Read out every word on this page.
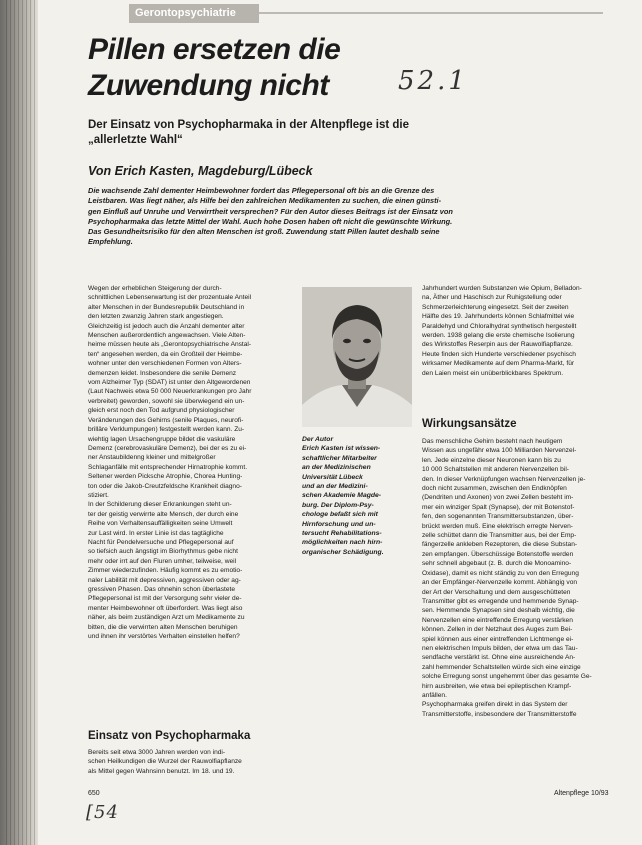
Gerontopsychiatrie
Pillen ersetzen die
Zuwendung nicht	52.1
Der Einsatz von Psychopharmaka in der Altenpflege ist die
„allerletzte Wahl“
Von Erich Kasten, Magdeburg/Lübeck
Die wachsende Zahl dementer Heimbewohner fordert das Pflegepersonal oft bis an die Grenze des
Leistbaren. Was liegt näher, als Hilfe bei den zahlreichen Medikamenten zu suchen, die einen günsti-
gen Einfluß auf Unruhe und Verwirrtheit versprechen? Für den Autor dieses Beitrags ist der Einsatz von
Psychopharmaka das letzte Mittel der Wahl. Auch hohe Dosen haben oft nicht die gewünschte Wirkung.
Das Gesundheitsrisiko für den alten Menschen ist groß. Zuwendung statt Pillen lautet deshalb seine
Empfehlung.
Wegen der erheblichen Steigerung der durch-
schnittlichen Lebenserwartung ist der prozentuale Anteil
alter Menschen in der Bundesrepublik Deutschland in
den letzten zwanzig Jahren stark angestiegen.
Gleichzeitig ist jedoch auch die Anzahl dementer alter
Menschen außerordentlich angewachsen. Viele Alten-
heime müssen heute als „Gerontopsychiatrische Anstal-
ten“ angesehen werden, da ein Großteil der Heimbe-
wohner unter den verschiedenen Formen von Alters-
demenzen leidet. Insbesondere die senile Demenz
vom Alzheimer Typ (SDAT) ist unter den Altgewordenen
(Laut Nachweis etwa 50 000 Neuerkrankungen pro Jahr
verbreitet) geworden, sowohl sie überwiegend ein un-
gleich erst noch den Tod aufgrund physiologischer
Veränderungen des Gehirns (senile Plaques, neurofi-
brilläre Verklumpungen) festgestellt werden kann. Zu-
wiehtig lagen Ursachengruppe bildet die vaskuläre
Demenz (cerebrovaskuläre Demenz), bei der es zu ei-
ner Anstaubildenng kleiner und mittelgroßer
Schlaganfälle mit entsprechender Hirnatrophie kommt.
Seltener werden Picksche Atrophie, Chorea Hunting-
ton oder die Jakob-Creutzfeldsche Krankheit diagno-
stiziert.
In der Schilderung dieser Erkrankungen steht un-
ter der geistig verwirrte alte Mensch, der durch eine
Reihe von Verhaltensauffälligkeiten seine Umwelt
zur Last wird. In erster Linie ist das tagtägliche
Nacht für Pendelversuche und Pflegepersonal auf
so tiefsich auch ängstigt im Biorhythmus gebe nicht
mehr oder irrt auf den Fluren umher, teilweise, weil
Zimmer wiederzufinden. Häufig kommt es zu emotio-
naler Labilität mit depressiven, aggressiven oder ag-
gressiven Phasen. Das ohnehin schon überlastete
Pflegepersonal ist mit der Versorgung sehr vieler de-
menter Heimbewohner oft überfordert. Was liegt also
näher, als beim zuständigen Arzt um Medikamente zu
bitten, die die verwirrten alten Menschen beruhigen
und ihnen ihr verstörtes Verhalten einstellen helfen?
Einsatz von Psychopharmaka
Bereits seit etwa 3000 Jahren werden von indi-
schen Heilkundigen die Wurzel der Rauwolfiapflanze
als Mittel gegen Wahnsinn benutzt. Im 18. und 19.
Der Autor
Erich Kasten ist wissen-
schaftlicher Mitarbeiter
an der Medizinischen
Universität Lübeck
und an der Medizini-
schen Akademie Magde-
burg. Der Diplom-Psy-
chologe befaßt sich mit
Hirnforschung und un-
tersucht Rehabilitations-
möglichkeiten nach hirn-
organischer Schädigung.
Jahrhundert wurden Substanzen wie Opium, Belladon-
na, Äther und Haschisch zur Ruhigstellung oder
Schmerzerleichterung eingesetzt. Seit der zweiten
Hälfte des 19. Jahrhunderts können Schlafmittel wie
Paraldehyd und Chloralhydrat synthetisch hergestellt
werden. 1938 gelang die erste chemische Isolierung
des Wirkstoffes Reserpin aus der Rauwolfiapflanze.
Heute finden sich Hunderte verschiedener psychisch
wirksamer Medikamente auf dem Pharma-Markt, für
den Laien meist ein unüberblickbares Spektrum.
Wirkungsansätze
Das menschliche Gehirn besteht nach heutigem
Wissen aus ungefähr etwa 100 Milliarden Nervenzel-
len. Jede einzelne dieser Neuronen kann bis zu
10 000 Schaltstellen mit anderen Nervenzellen bil-
den. In dieser Verknüpfungen wachsen Nervenzellen je-
doch nicht zusammen, zwischen den Endknöpfen
(Dendriten und Axonen) von zwei Zellen besteht im-
mer ein winziger Spalt (Synapse), der mit Botenstof-
fen, den sogenannten Transmittersubstanzen, über-
brückt werden muß. Eine elektrisch erregte Nerven-
zelle schüttet dann die Transmitter aus, bei der Emp-
fängerzelle ankleben Rezeptoren, die diese Substan-
zen empfangen. Überschüssige Botenstoffe werden
sehr schnell abgebaut (z. B. durch die Monoamino-
Oxidase), damit es nicht ständig zu von den Erregung
an der Empfänger-Nervenzelle kommt. Abhängig von
der Art der Verschaltung und dem ausgeschütteten
Transmitter gibt es erregende und hemmende Synap-
sen. Hemmende Synapsen sind deshalb wichtig, die
Nervenzellen eine eintreffende Erregung verstärken
können. Zellen in der Netzhaut des Auges zum Bei-
spiel können aus einer eintreffenden Lichtmenge ei-
nen elektrischen Impuls bilden, der etwa um das Tau-
sendfache verstärkt ist. Ohne eine ausreichende An-
zahl hemmender Schaltstellen würde sich eine einzige
solche Erregung sonst ungehemmt über das gesamte Ge-
hirn ausbreiten, wie etwa bei epileptischen Krampf-
anfällen.
Psychopharmaka greifen direkt in das System der
Transmitterstoffe, insbesondere der Transmitterstoffe
650	Altenpflege 10/93
[54
